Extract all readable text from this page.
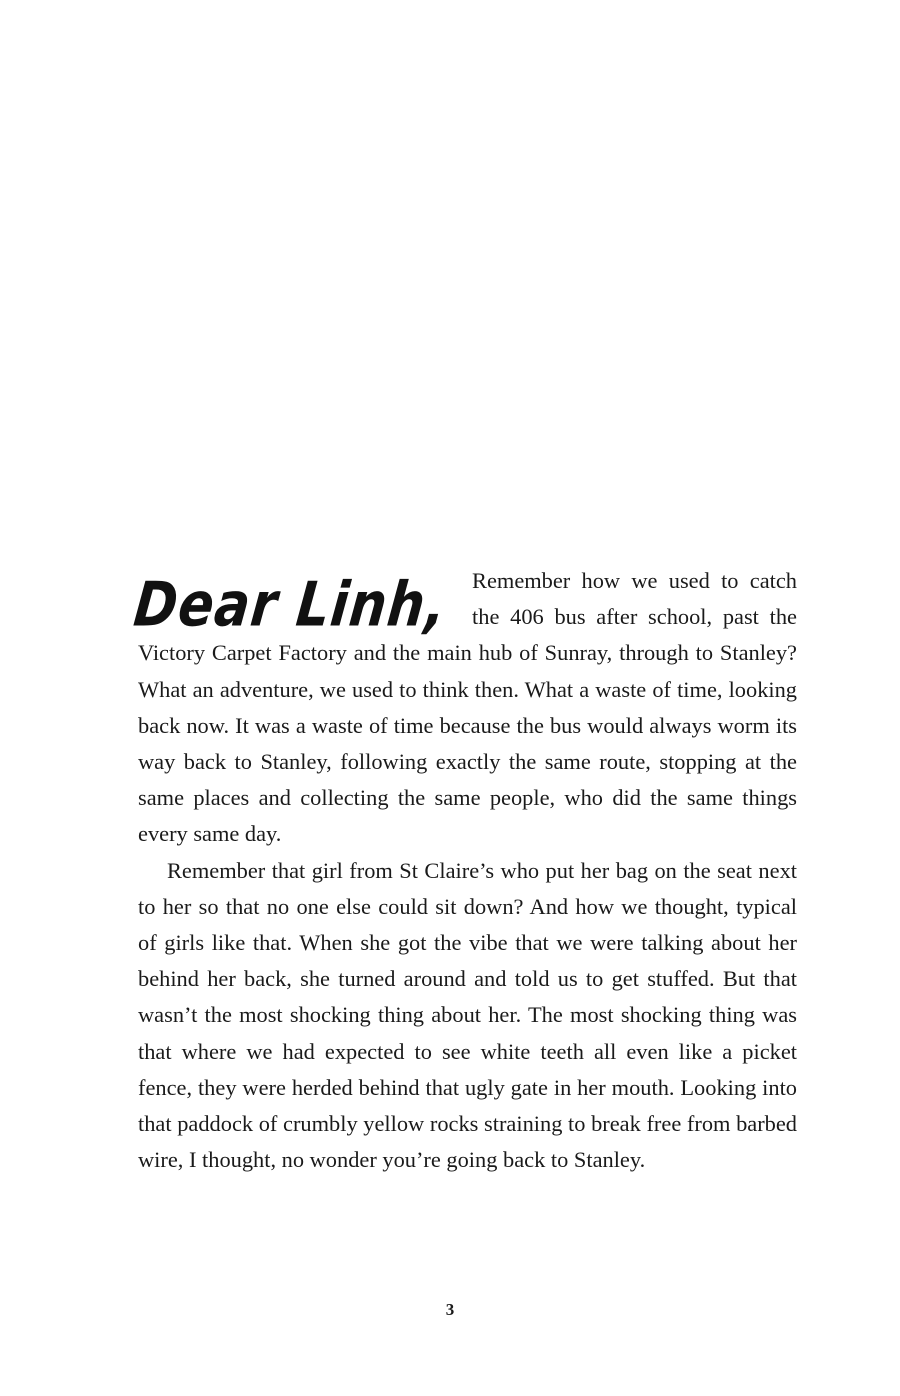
Dear Linh, Remember how we used to catch the 406 bus after school, past the Victory Carpet Factory and the main hub of Sunray, through to Stanley? What an adventure, we used to think then. What a waste of time, looking back now. It was a waste of time because the bus would always worm its way back to Stanley, following exactly the same route, stopping at the same places and collecting the same people, who did the same things every same day.

Remember that girl from St Claire’s who put her bag on the seat next to her so that no one else could sit down? And how we thought, typical of girls like that. When she got the vibe that we were talking about her behind her back, she turned around and told us to get stuffed. But that wasn’t the most shocking thing about her. The most shocking thing was that where we had expected to see white teeth all even like a picket fence, they were herded behind that ugly gate in her mouth. Looking into that paddock of crumbly yellow rocks straining to break free from barbed wire, I thought, no wonder you’re going back to Stanley.

3
